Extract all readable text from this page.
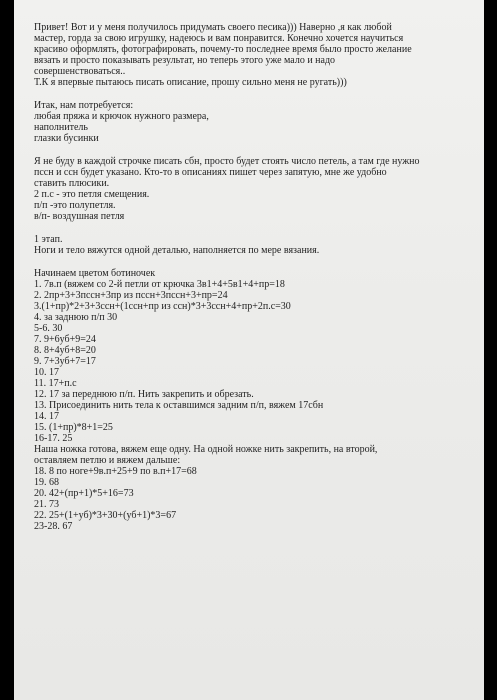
Привет! Вот и у меня получилось придумать своего песика))) Наверно ,я как любой
мастер, горда за свою игрушку, надеюсь и вам понравится. Конечно хочется научиться
красиво оформлять, фотографировать, почему-то последнее время было просто желание
вязать и просто показывать результат, но теперь этого уже мало и надо
совершенствоваться..
Т.К я впервые пытаюсь писать описание, прошу сильно меня не ругать)))
Итак, нам потребуется:
любая пряжа и крючок нужного размера,
наполнитель
глазки бусинки
Я не буду в каждой строчке писать сбн, просто будет стоять число петель, а там где нужно
пссн и ссн будет указано. Кто-то в описаниях пишет через запятую, мне же удобно
ставить плюсики.
2 п.с - это петля смещения.
п/п -это полупетля.
в/п- воздушная петля
1 этап.
Ноги и тело вяжутся одной деталью, наполняется по мере вязания.
Начинаем цветом ботиночек
1. 7в.п (вяжем со 2-й петли от крючка 3в1+4+5в1+4+пр=18
2. 2пр+3+3пссн+3пр из пссн+3пссн+3+пр=24
3.(1+пр)*2+3+3ссн+(1ссн+пр из ссн)*3+3ссн+4+пр+2п.с=30
4. за заднюю п/п 30
5-6. 30
7. 9+6уб+9=24
8. 8+4уб+8=20
9. 7+3уб+7=17
10. 17
11. 17+п.с
12. 17 за переднюю п/п. Нить закрепить и обрезать.
13. Присоединить нить тела к оставшимся задним п/п, вяжем 17сбн
14. 17
15. (1+пр)*8+1=25
16-17. 25
Наша ножка готова, вяжем еще одну. На одной ножке нить закрепить, на второй,
оставляем петлю и вяжем дальше:
18. 8 по ноге+9в.п+25+9 по в.п+17=68
19. 68
20. 42+(пр+1)*5+16=73
21. 73
22. 25+(1+уб)*3+30+(уб+1)*3=67
23-28. 67
